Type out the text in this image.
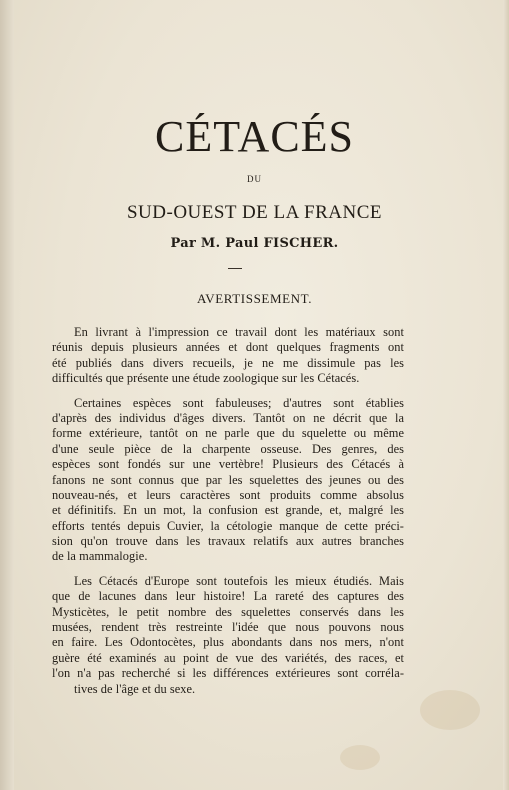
CÉTACÉS
DU
SUD-OUEST DE LA FRANCE
Par M. Paul FISCHER.
AVERTISSEMENT.
En livrant à l'impression ce travail dont les matériaux sont
réunis depuis plusieurs années et dont quelques fragments ont
été publiés dans divers recueils, je ne me dissimule pas les
difficultés que présente une étude zoologique sur les Cétacés.
Certaines espèces sont fabuleuses; d'autres sont établies
d'après des individus d'âges divers. Tantôt on ne décrit que la
forme extérieure, tantôt on ne parle que du squelette ou même
d'une seule pièce de la charpente osseuse. Des genres, des
espèces sont fondés sur une vertèbre! Plusieurs des Cétacés à
fanons ne sont connus que par les squelettes des jeunes ou des
nouveau-nés, et leurs caractères sont produits comme absolus
et définitifs. En un mot, la confusion est grande, et, malgré les
efforts tentés depuis Cuvier, la cétologie manque de cette préci-
sion qu'on trouve dans les travaux relatifs aux autres branches
de la mammalogie.
Les Cétacés d'Europe sont toutefois les mieux étudiés. Mais
que de lacunes dans leur histoire! La rareté des captures des
Mysticètes, le petit nombre des squelettes conservés dans les
musées, rendent très restreinte l'idée que nous pouvons nous
en faire. Les Odontocètes, plus abondants dans nos mers, n'ont
guère été examinés au point de vue des variétés, des races, et
l'on n'a pas recherché si les différences extérieures sont corréla-
tives de l'âge et du sexe.
